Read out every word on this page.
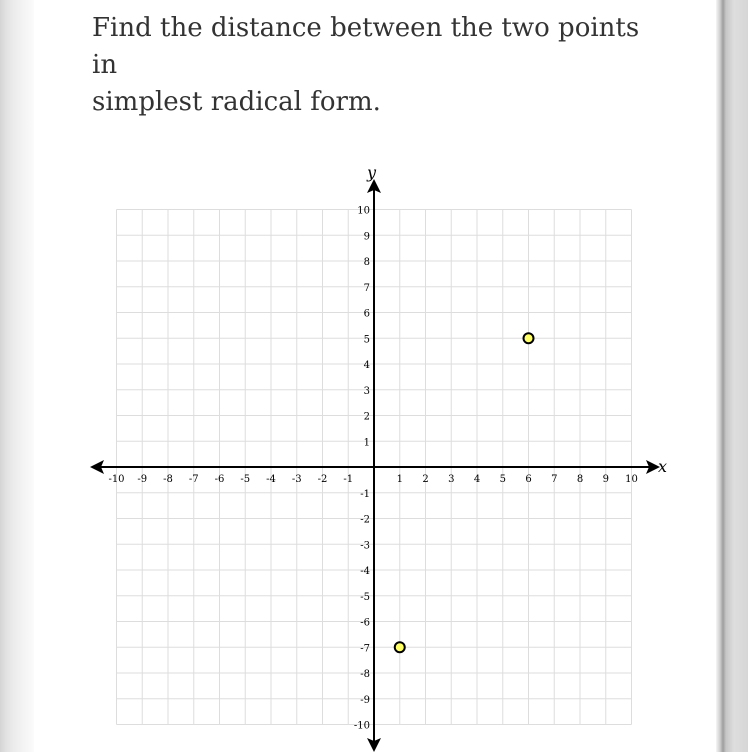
Find the distance between the two points in
simplest radical form.
x
y
-10 -9 -8 -7 -6 -5 -4 -3 -2 -1	1 2 3 4 5 6 7 8 9 10
10
9
8
7
6
5
4
3
2
1
-1
-2
-3
-4
-5
-6
-7
-8
-9
-10
